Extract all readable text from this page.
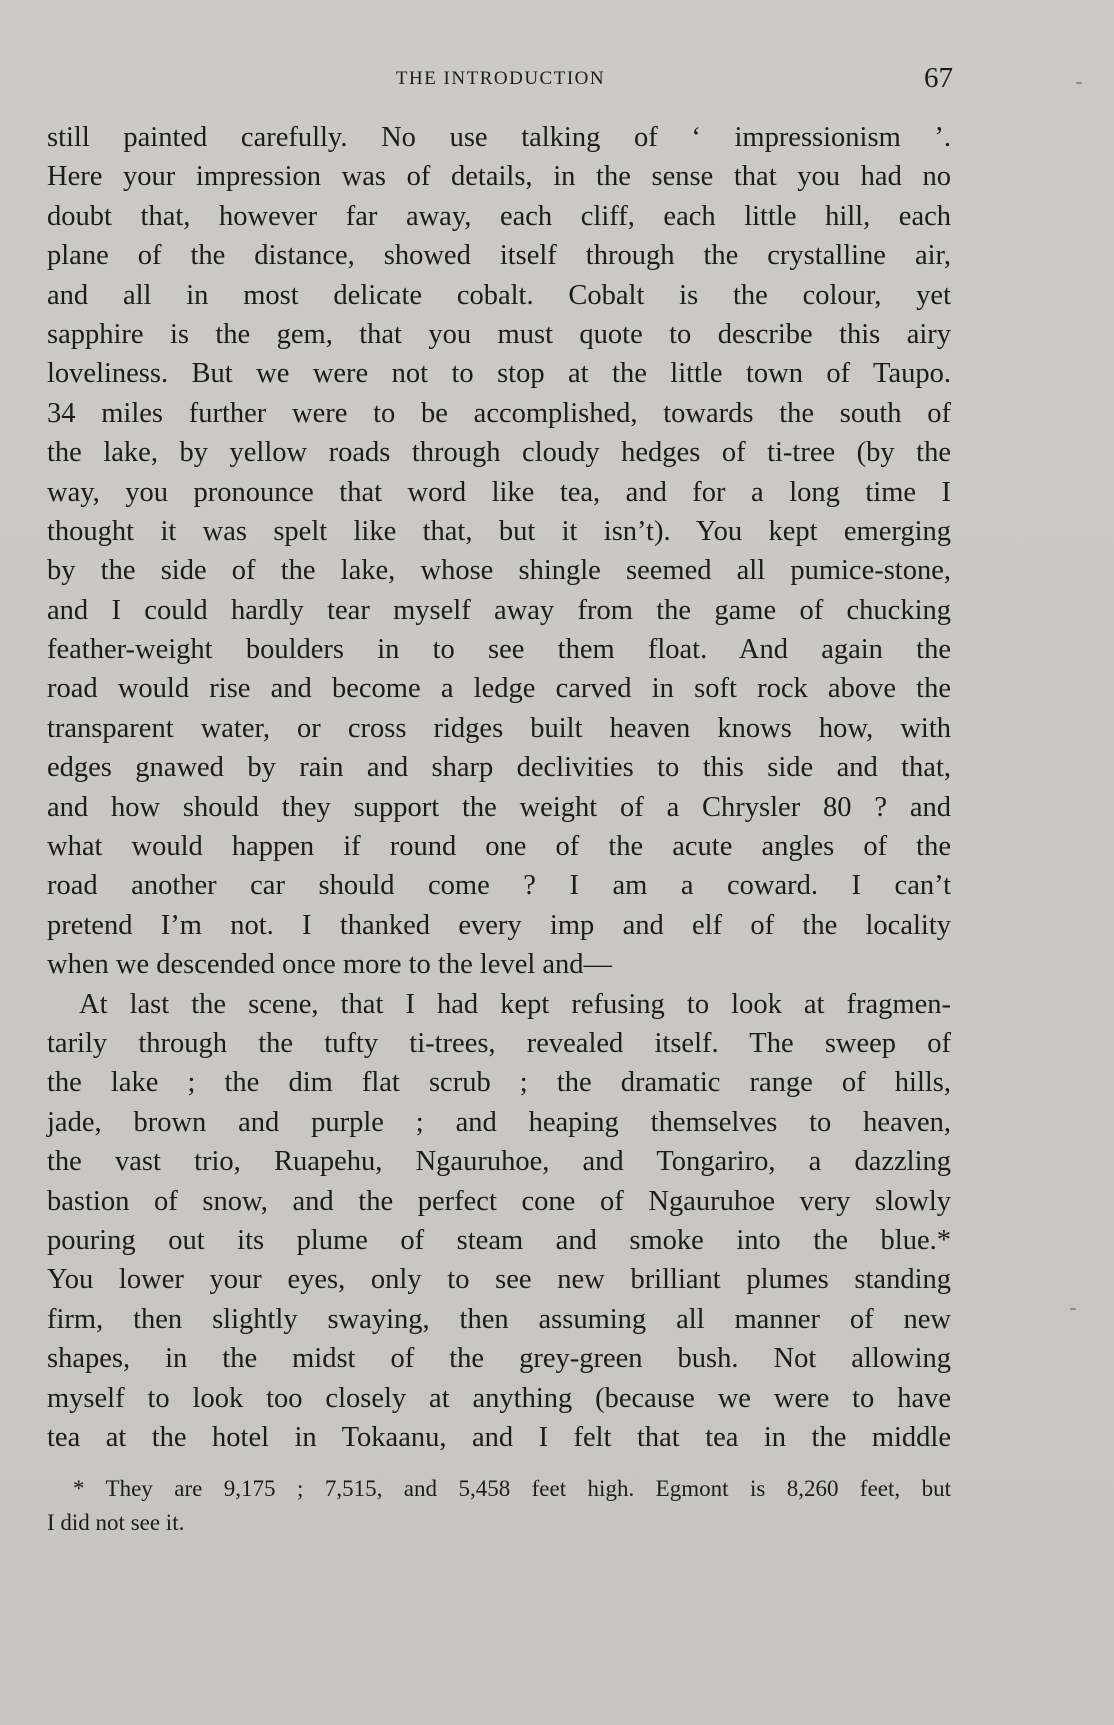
THE INTRODUCTION	67
still painted carefully. No use talking of ‘ impressionism ’.
Here your impression was of details, in the sense that you had no
doubt that, however far away, each cliff, each little hill, each
plane of the distance, showed itself through the crystalline air,
and all in most delicate cobalt. Cobalt is the colour, yet
sapphire is the gem, that you must quote to describe this airy
loveliness. But we were not to stop at the little town of Taupo.
34 miles further were to be accomplished, towards the south of
the lake, by yellow roads through cloudy hedges of ti-tree (by the
way, you pronounce that word like tea, and for a long time I
thought it was spelt like that, but it isn’t). You kept emerging
by the side of the lake, whose shingle seemed all pumice-stone,
and I could hardly tear myself away from the game of chucking
feather-weight boulders in to see them float. And again the
road would rise and become a ledge carved in soft rock above the
transparent water, or cross ridges built heaven knows how, with
edges gnawed by rain and sharp declivities to this side and that,
and how should they support the weight of a Chrysler 80 ? and
what would happen if round one of the acute angles of the
road another car should come ? I am a coward. I can’t
pretend I’m not. I thanked every imp and elf of the locality
when we descended once more to the level and—
At last the scene, that I had kept refusing to look at fragmen-
tarily through the tufty ti-trees, revealed itself. The sweep of
the lake ; the dim flat scrub ; the dramatic range of hills,
jade, brown and purple ; and heaping themselves to heaven,
the vast trio, Ruapehu, Ngauruhoe, and Tongariro, a dazzling
bastion of snow, and the perfect cone of Ngauruhoe very slowly
pouring out its plume of steam and smoke into the blue.*
You lower your eyes, only to see new brilliant plumes standing
firm, then slightly swaying, then assuming all manner of new
shapes, in the midst of the grey-green bush. Not allowing
myself to look too closely at anything (because we were to have
tea at the hotel in Tokaanu, and I felt that tea in the middle
* They are 9,175 ; 7,515, and 5,458 feet high. Egmont is 8,260 feet, but
I did not see it.
